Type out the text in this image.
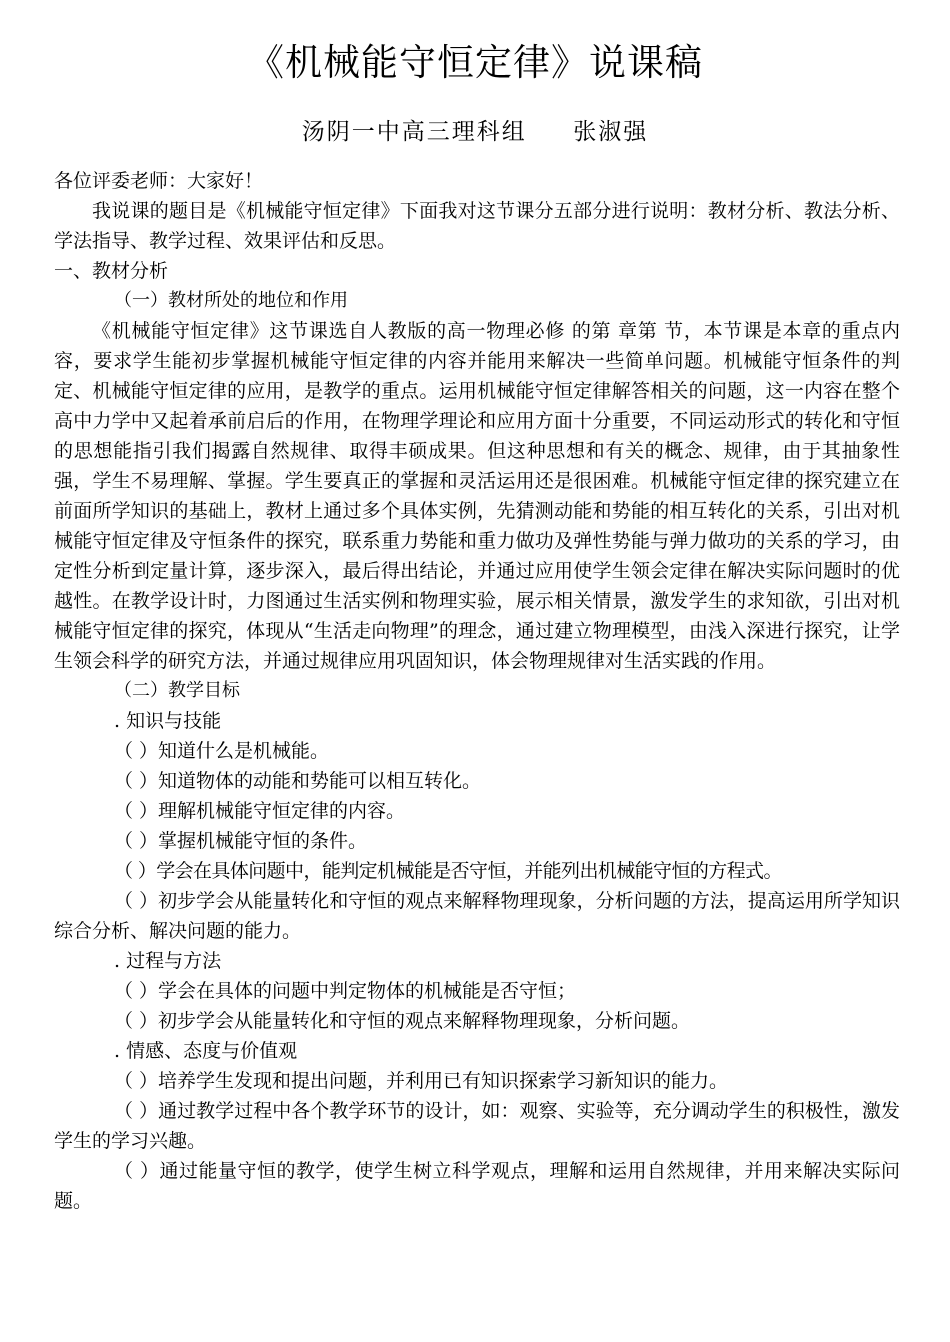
《机械能守恒定律》说课稿
汤阴一中高三理科组     张淑强

各位评委老师：大家好！

我说课的题目是《机械能守恒定律》下面我对这节课分五部分进行说明：教材分析、教法分析、学法指导、教学过程、效果评估和反思。

一、教材分析

（一）教材所处的地位和作用

《机械能守恒定律》这节课选自人教版的高一物理必修 的第 章第 节，本节课是本章的重点内容，要求学生能初步掌握机械能守恒定律的内容并能用来解决一些简单问题。机械能守恒条件的判定、机械能守恒定律的应用，是教学的重点。运用机械能守恒定律解答相关的问题，这一内容在整个高中力学中又起着承前启后的作用，在物理学理论和应用方面十分重要，不同运动形式的转化和守恒的思想能指引我们揭露自然规律、取得丰硕成果。但这种思想和有关的概念、规律，由于其抽象性强，学生不易理解、掌握。学生要真正的掌握和灵活运用还是很困难。机械能守恒定律的探究建立在前面所学知识的基础上，教材上通过多个具体实例，先猜测动能和势能的相互转化的关系，引出对机械能守恒定律及守恒条件的探究，联系重力势能和重力做功及弹性势能与弹力做功的关系的学习，由定性分析到定量计算，逐步深入，最后得出结论，并通过应用使学生领会定律在解决实际问题时的优越性。在教学设计时，力图通过生活实例和物理实验，展示相关情景，激发学生的求知欲，引出对机械能守恒定律的探究，体现从“生活走向物理”的理念，通过建立物理模型，由浅入深进行探究，让学生领会科学的研究方法，并通过规律应用巩固知识，体会物理规律对生活实践的作用。

（二）教学目标

. 知识与技能

（ ）知道什么是机械能。

（ ）知道物体的动能和势能可以相互转化。

（ ）理解机械能守恒定律的内容。

（ ）掌握机械能守恒的条件。

（ ）学会在具体问题中，能判定机械能是否守恒，并能列出机械能守恒的方程式。

（ ）初步学会从能量转化和守恒的观点来解释物理现象，分析问题的方法，提高运用所学知识综合分析、解决问题的能力。

. 过程与方法

（ ）学会在具体的问题中判定物体的机械能是否守恒；

（ ）初步学会从能量转化和守恒的观点来解释物理现象，分析问题。

. 情感、态度与价值观

（ ）培养学生发现和提出问题，并利用已有知识探索学习新知识的能力。

（ ）通过教学过程中各个教学环节的设计，如：观察、实验等，充分调动学生的积极性，激发学生的学习兴趣。

（ ）通过能量守恒的教学，使学生树立科学观点，理解和运用自然规律，并用来解决实际问题。
